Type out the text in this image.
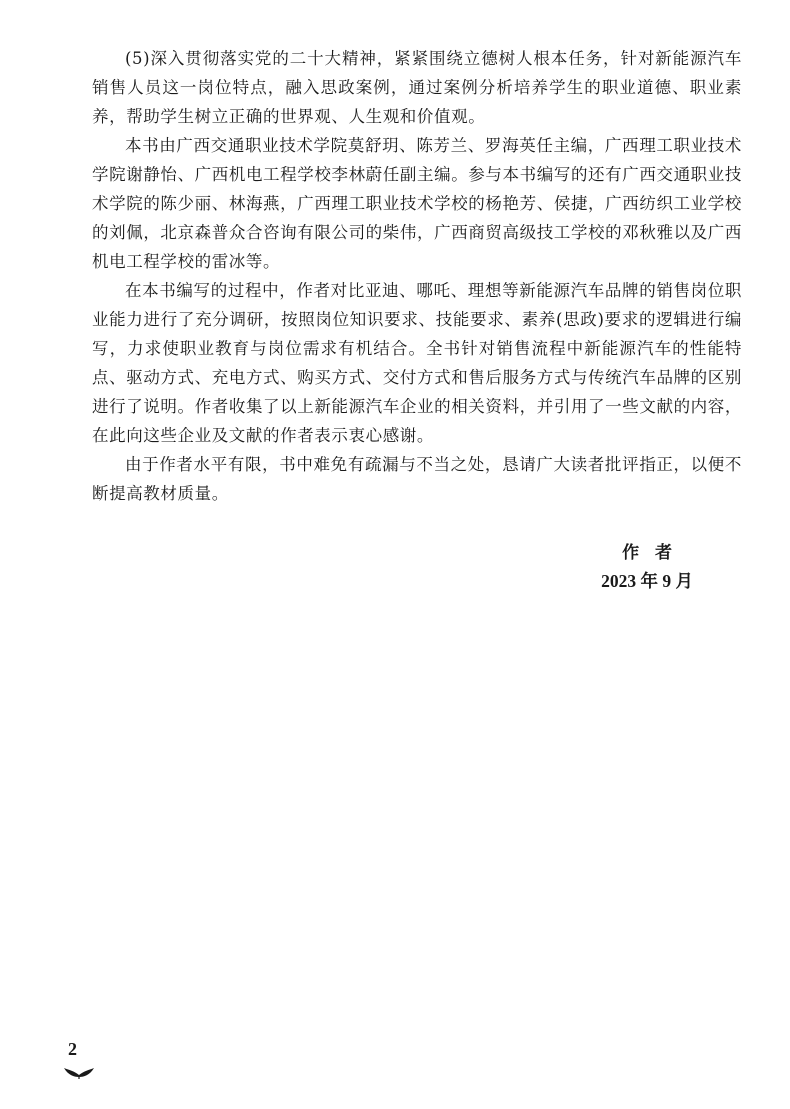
(5)深入贯彻落实党的二十大精神，紧紧围绕立德树人根本任务，针对新能源汽车销售人员这一岗位特点，融入思政案例，通过案例分析培养学生的职业道德、职业素养，帮助学生树立正确的世界观、人生观和价值观。

本书由广西交通职业技术学院莫舒玥、陈芳兰、罗海英任主编，广西理工职业技术学院谢静怡、广西机电工程学校李林蔚任副主编。参与本书编写的还有广西交通职业技术学院的陈少丽、林海燕，广西理工职业技术学校的杨艳芳、侯捷，广西纺织工业学校的刘佩，北京森普众合咨询有限公司的柴伟，广西商贸高级技工学校的邓秋雅以及广西机电工程学校的雷冰等。

在本书编写的过程中，作者对比亚迪、哪吒、理想等新能源汽车品牌的销售岗位职业能力进行了充分调研，按照岗位知识要求、技能要求、素养(思政)要求的逻辑进行编写，力求使职业教育与岗位需求有机结合。全书针对销售流程中新能源汽车的性能特点、驱动方式、充电方式、购买方式、交付方式和售后服务方式与传统汽车品牌的区别进行了说明。作者收集了以上新能源汽车企业的相关资料，并引用了一些文献的内容，在此向这些企业及文献的作者表示衷心感谢。

由于作者水平有限，书中难免有疏漏与不当之处，恳请广大读者批评指正，以便不断提高教材质量。

作者
2023 年 9 月
2
